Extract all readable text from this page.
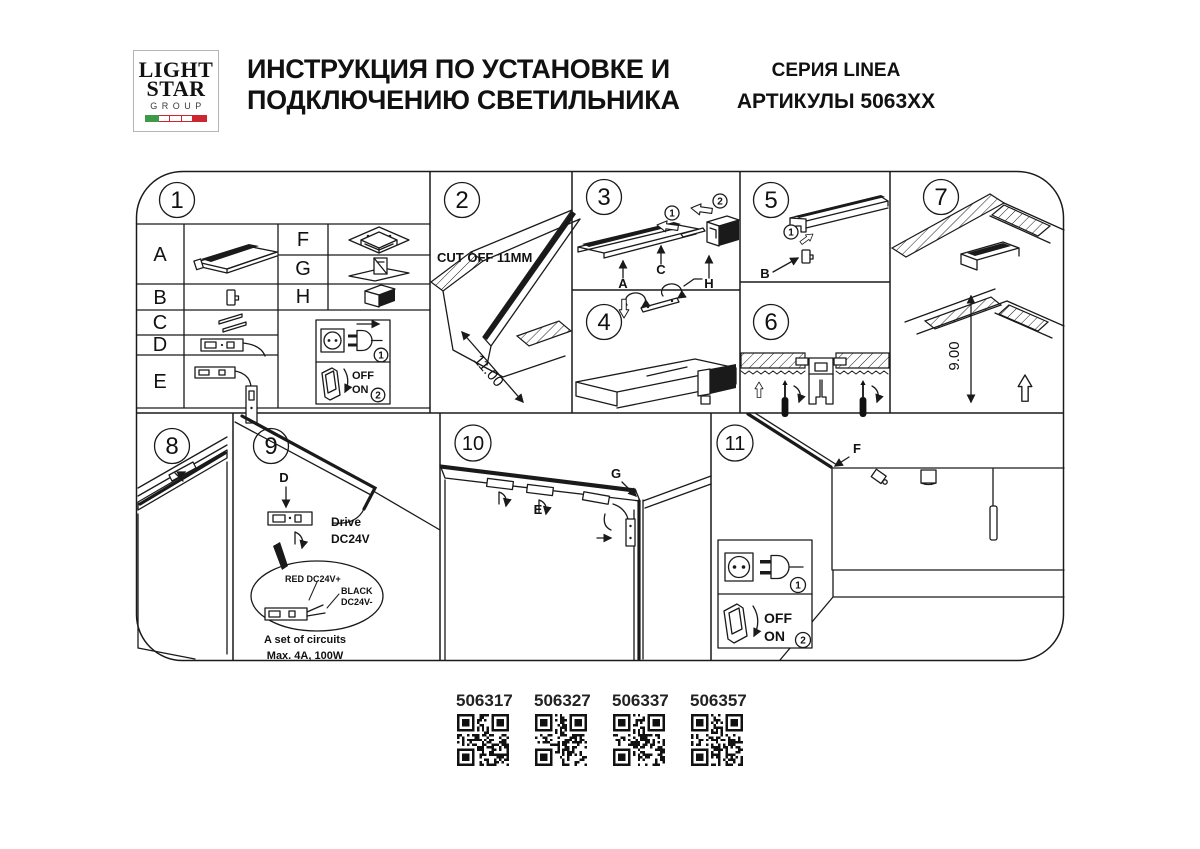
LIGHT
STAR
GROUP
ИНСТРУКЦИЯ ПО УСТАНОВКЕ И
ПОДКЛЮЧЕНИЮ СВЕТИЛЬНИКА
СЕРИЯ LINEA
АРТИКУЛЫ 5063XX
1
A
B
C
D
E
F
G
H
1
OFF
ON 2
2
CUT OFF 11MM
11.00
3
1
2
A
C
H
4
5
1
B
6
7
9.00
8	9
D
RED DC24V+
BLACK
DC24V-
Drive
DC24V
A set of circuits
Max. 4A, 100W
10
E
G
11	F
1
OFF
ON 2
506317 506327 506337 506357
